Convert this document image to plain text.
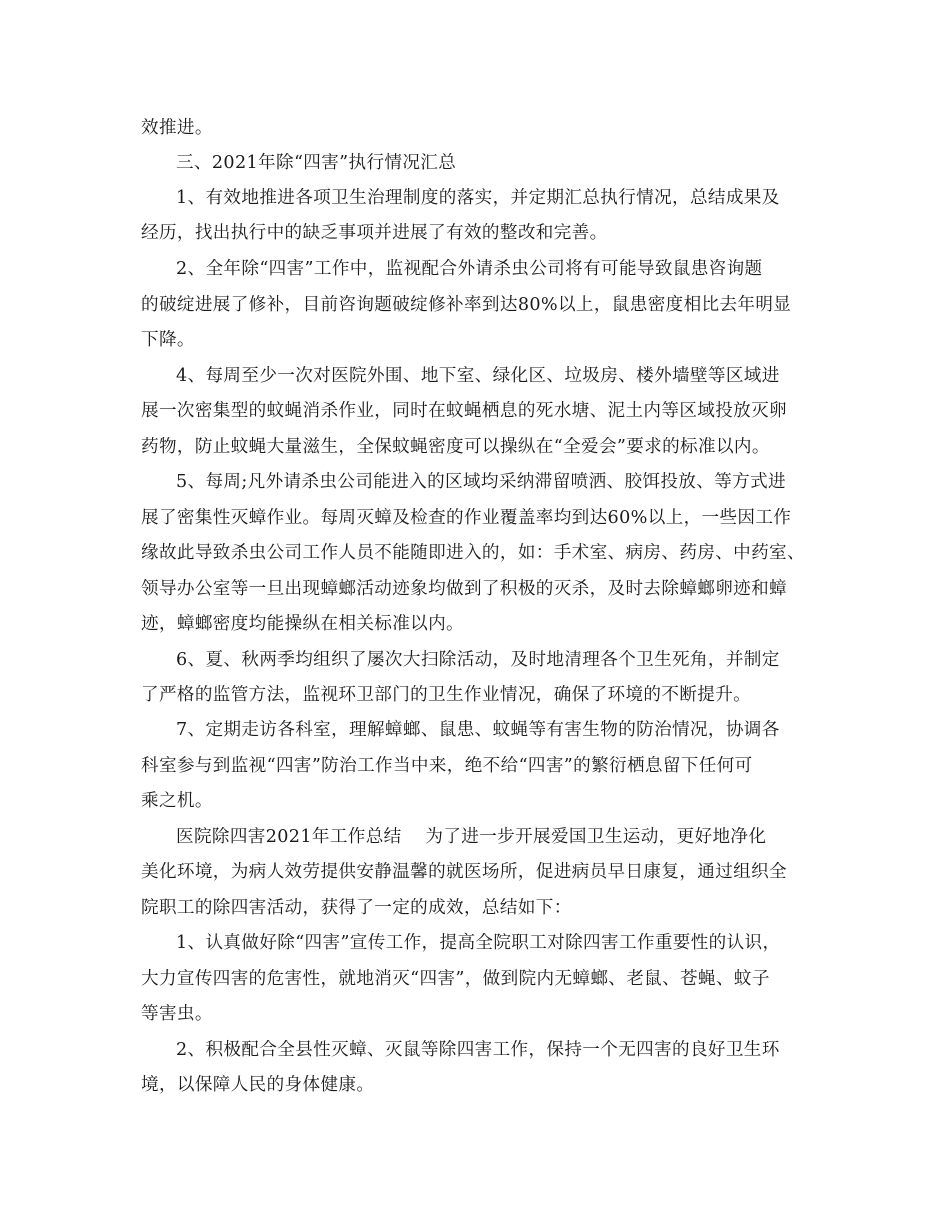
效推进。
三、2021年除“四害”执行情况汇总
1、有效地推进各项卫生治理制度的落实，并定期汇总执行情况，总结成果及
经历，找出执行中的缺乏事项并进展了有效的整改和完善。
2、全年除“四害”工作中，监视配合外请杀虫公司将有可能导致鼠患咨询题
的破绽进展了修补，目前咨询题破绽修补率到达80%以上，鼠患密度相比去年明显
下降。
4、每周至少一次对医院外围、地下室、绿化区、垃圾房、楼外墙壁等区域进
展一次密集型的蚊蝇消杀作业，同时在蚊蝇栖息的死水塘、泥土内等区域投放灭卵
药物，防止蚊蝇大量滋生，全保蚊蝇密度可以操纵在“全爱会”要求的标准以内。
5、每周;凡外请杀虫公司能进入的区域均采纳滞留喷洒、胶饵投放、等方式进
展了密集性灭蟑作业。每周灭蟑及检查的作业覆盖率均到达60%以上，一些因工作
缘故此导致杀虫公司工作人员不能随即进入的，如：手术室、病房、药房、中药室、
领导办公室等一旦出现蟑螂活动迹象均做到了积极的灭杀，及时去除蟑螂卵迹和蟑
迹，蟑螂密度均能操纵在相关标准以内。
6、夏、秋两季均组织了屡次大扫除活动，及时地清理各个卫生死角，并制定
了严格的监管方法，监视环卫部门的卫生作业情况，确保了环境的不断提升。
7、定期走访各科室，理解蟑螂、鼠患、蚊蝇等有害生物的防治情况，协调各
科室参与到监视“四害”防治工作当中来，绝不给“四害”的繁衍栖息留下任何可
乘之机。
医院除四害2021年工作总结    为了进一步开展爱国卫生运动，更好地净化
美化环境，为病人效劳提供安静温馨的就医场所，促进病员早日康复，通过组织全
院职工的除四害活动，获得了一定的成效，总结如下：
1、认真做好除“四害”宣传工作，提高全院职工对除四害工作重要性的认识，
大力宣传四害的危害性，就地消灭“四害”，做到院内无蟑螂、老鼠、苍蝇、蚊子
等害虫。
2、积极配合全县性灭蟑、灭鼠等除四害工作，保持一个无四害的良好卫生环
境，以保障人民的身体健康。
